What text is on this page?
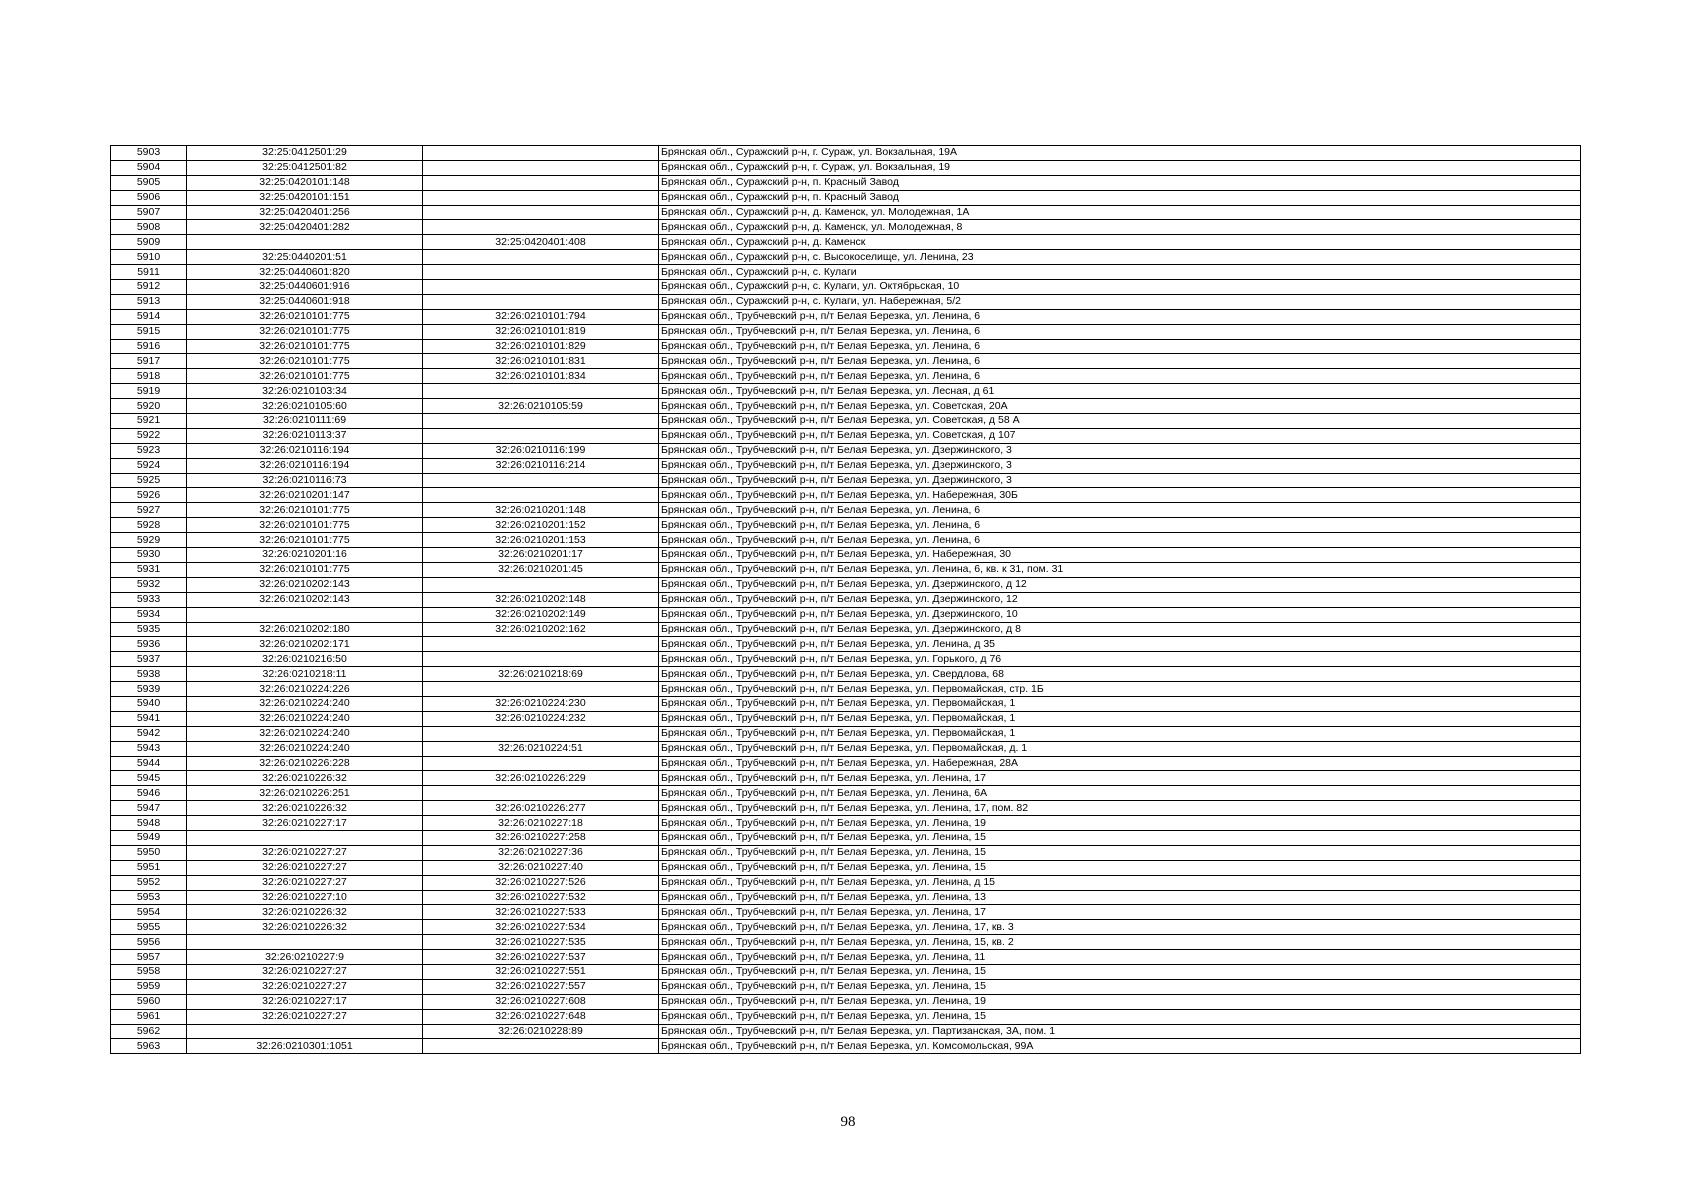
5903	32:25:0412501:29		Брянская обл., Суражский р-н, г. Сураж, ул. Вокзальная, 19А
5904	32:25:0412501:82		Брянская обл., Суражский р-н, г. Сураж, ул. Вокзальная, 19
5905	32:25:0420101:148		Брянская обл., Суражский р-н, п. Красный Завод
5906	32:25:0420101:151		Брянская обл., Суражский р-н, п. Красный Завод
5907	32:25:0420401:256		Брянская обл., Суражский р-н, д. Каменск, ул. Молодежная, 1А
5908	32:25:0420401:282		Брянская обл., Суражский р-н, д. Каменск, ул. Молодежная, 8
5909		32:25:0420401:408	Брянская обл., Суражский р-н, д. Каменск
5910	32:25:0440201:51		Брянская обл., Суражский р-н, с. Высокоселище, ул. Ленина, 23
5911	32:25:0440601:820		Брянская обл., Суражский р-н, с. Кулаги
5912	32:25:0440601:916		Брянская обл., Суражский р-н, с. Кулаги, ул. Октябрьская, 10
5913	32:25:0440601:918		Брянская обл., Суражский р-н, с. Кулаги, ул. Набережная, 5/2
5914	32:26:0210101:775	32:26:0210101:794	Брянская обл., Трубчевский р-н, п/т Белая Березка, ул. Ленина, 6
5915	32:26:0210101:775	32:26:0210101:819	Брянская обл., Трубчевский р-н, п/т Белая Березка, ул. Ленина, 6
5916	32:26:0210101:775	32:26:0210101:829	Брянская обл., Трубчевский р-н, п/т Белая Березка, ул. Ленина, 6
5917	32:26:0210101:775	32:26:0210101:831	Брянская обл., Трубчевский р-н, п/т Белая Березка, ул. Ленина, 6
5918	32:26:0210101:775	32:26:0210101:834	Брянская обл., Трубчевский р-н, п/т Белая Березка, ул. Ленина, 6
5919	32:26:0210103:34		Брянская обл., Трубчевский р-н, п/т Белая Березка, ул. Лесная, д 61
5920	32:26:0210105:60	32:26:0210105:59	Брянская обл., Трубчевский р-н, п/т Белая Березка, ул. Советская, 20А
5921	32:26:0210111:69		Брянская обл., Трубчевский р-н, п/т Белая Березка, ул. Советская, д 58 А
5922	32:26:0210113:37		Брянская обл., Трубчевский р-н, п/т Белая Березка, ул. Советская, д 107
5923	32:26:0210116:194	32:26:0210116:199	Брянская обл., Трубчевский р-н, п/т Белая Березка, ул. Дзержинского, 3
5924	32:26:0210116:194	32:26:0210116:214	Брянская обл., Трубчевский р-н, п/т Белая Березка, ул. Дзержинского, 3
5925	32:26:0210116:73		Брянская обл., Трубчевский р-н, п/т Белая Березка, ул. Дзержинского, 3
5926	32:26:0210201:147		Брянская обл., Трубчевский р-н, п/т Белая Березка, ул. Набережная, 30Б
5927	32:26:0210101:775	32:26:0210201:148	Брянская обл., Трубчевский р-н, п/т Белая Березка, ул. Ленина, 6
5928	32:26:0210101:775	32:26:0210201:152	Брянская обл., Трубчевский р-н, п/т Белая Березка, ул. Ленина, 6
5929	32:26:0210101:775	32:26:0210201:153	Брянская обл., Трубчевский р-н, п/т Белая Березка, ул. Ленина, 6
5930	32:26:0210201:16	32:26:0210201:17	Брянская обл., Трубчевский р-н, п/т Белая Березка, ул. Набережная, 30
5931	32:26:0210101:775	32:26:0210201:45	Брянская обл., Трубчевский р-н, п/т Белая Березка, ул. Ленина, 6, кв. к 31, пом. 31
5932	32:26:0210202:143		Брянская обл., Трубчевский р-н, п/т Белая Березка, ул. Дзержинского, д 12
5933	32:26:0210202:143	32:26:0210202:148	Брянская обл., Трубчевский р-н, п/т Белая Березка, ул. Дзержинского, 12
5934		32:26:0210202:149	Брянская обл., Трубчевский р-н, п/т Белая Березка, ул. Дзержинского, 10
5935	32:26:0210202:180	32:26:0210202:162	Брянская обл., Трубчевский р-н, п/т Белая Березка, ул. Дзержинского, д 8
5936	32:26:0210202:171		Брянская обл., Трубчевский р-н, п/т Белая Березка, ул. Ленина, д 35
5937	32:26:0210216:50		Брянская обл., Трубчевский р-н, п/т Белая Березка, ул. Горького, д 76
5938	32:26:0210218:11	32:26:0210218:69	Брянская обл., Трубчевский р-н, п/т Белая Березка, ул. Свердлова, 68
5939	32:26:0210224:226		Брянская обл., Трубчевский р-н, п/т Белая Березка, ул. Первомайская, стр. 1Б
5940	32:26:0210224:240	32:26:0210224:230	Брянская обл., Трубчевский р-н, п/т Белая Березка, ул. Первомайская, 1
5941	32:26:0210224:240	32:26:0210224:232	Брянская обл., Трубчевский р-н, п/т Белая Березка, ул. Первомайская, 1
5942	32:26:0210224:240		Брянская обл., Трубчевский р-н, п/т Белая Березка, ул. Первомайская, 1
5943	32:26:0210224:240	32:26:0210224:51	Брянская обл., Трубчевский р-н, п/т Белая Березка, ул. Первомайская, д. 1
5944	32:26:0210226:228		Брянская обл., Трубчевский р-н, п/т Белая Березка, ул. Набережная, 28А
5945	32:26:0210226:32	32:26:0210226:229	Брянская обл., Трубчевский р-н, п/т Белая Березка, ул. Ленина, 17
5946	32:26:0210226:251		Брянская обл., Трубчевский р-н, п/т Белая Березка, ул. Ленина, 6А
5947	32:26:0210226:32	32:26:0210226:277	Брянская обл., Трубчевский р-н, п/т Белая Березка, ул. Ленина, 17, пом. 82
5948	32:26:0210227:17	32:26:0210227:18	Брянская обл., Трубчевский р-н, п/т Белая Березка, ул. Ленина, 19
5949		32:26:0210227:258	Брянская обл., Трубчевский р-н, п/т Белая Березка, ул. Ленина, 15
5950	32:26:0210227:27	32:26:0210227:36	Брянская обл., Трубчевский р-н, п/т Белая Березка, ул. Ленина, 15
5951	32:26:0210227:27	32:26:0210227:40	Брянская обл., Трубчевский р-н, п/т Белая Березка, ул. Ленина, 15
5952	32:26:0210227:27	32:26:0210227:526	Брянская обл., Трубчевский р-н, п/т Белая Березка, ул. Ленина, д 15
5953	32:26:0210227:10	32:26:0210227:532	Брянская обл., Трубчевский р-н, п/т Белая Березка, ул. Ленина, 13
5954	32:26:0210226:32	32:26:0210227:533	Брянская обл., Трубчевский р-н, п/т Белая Березка, ул. Ленина, 17
5955	32:26:0210226:32	32:26:0210227:534	Брянская обл., Трубчевский р-н, п/т Белая Березка, ул. Ленина, 17, кв. 3
5956		32:26:0210227:535	Брянская обл., Трубчевский р-н, п/т Белая Березка, ул. Ленина, 15, кв. 2
5957	32:26:0210227:9	32:26:0210227:537	Брянская обл., Трубчевский р-н, п/т Белая Березка, ул. Ленина, 11
5958	32:26:0210227:27	32:26:0210227:551	Брянская обл., Трубчевский р-н, п/т Белая Березка, ул. Ленина, 15
5959	32:26:0210227:27	32:26:0210227:557	Брянская обл., Трубчевский р-н, п/т Белая Березка, ул. Ленина, 15
5960	32:26:0210227:17	32:26:0210227:608	Брянская обл., Трубчевский р-н, п/т Белая Березка, ул. Ленина, 19
5961	32:26:0210227:27	32:26:0210227:648	Брянская обл., Трубчевский р-н, п/т Белая Березка, ул. Ленина, 15
5962		32:26:0210228:89	Брянская обл., Трубчевский р-н, п/т Белая Березка, ул. Партизанская, 3А, пом. 1
5963	32:26:0210301:1051		Брянская обл., Трубчевский р-н, п/т Белая Березка, ул. Комсомольская, 99А
98
